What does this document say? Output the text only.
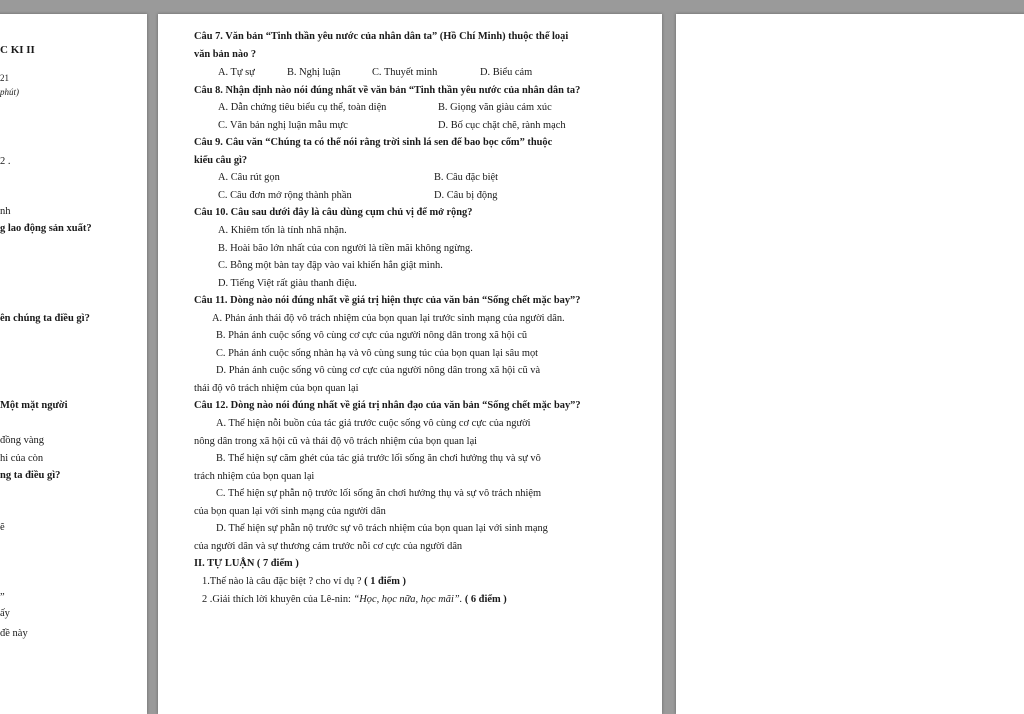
C KI II
21
phút)
2 .
nh
g lao động sản xuất?
ên chúng ta điều gì?
Một mặt người
đồng vàng
hi của còn
ng ta điều gì?
ẽ
”
ấy
đề này
Câu 7. Văn bản “Tinh thần yêu nước của nhân dân ta” (Hồ Chí Minh) thuộc thể loại
văn bản nào ?
A. Tự sự	B. Nghị luận	C. Thuyết minh	D. Biểu cảm
Câu 8. Nhận định nào nói đúng nhất về văn bản “Tinh thần yêu nước của nhân dân ta?
A. Dẫn chứng tiêu biểu cụ thể, toàn diện	B. Giọng văn giàu cảm xúc
C. Văn bản nghị luận mẫu mực	D. Bố cục chặt chẽ, rành mạch
Câu 9. Câu văn “Chúng ta có thể nói rằng trời sinh lá sen để bao bọc cốm” thuộc
kiểu câu gì?
A. Câu rút gọn	B. Câu đặc biệt
C. Câu đơn mở rộng thành phần	D. Câu bị động
Câu 10. Câu sau dưới đây là câu dùng cụm chủ vị để mở rộng?
A. Khiêm tốn là tính nhã nhặn.
B. Hoài bão lớn nhất của con người là tiền mãi không ngừng.
C. Bỗng một bàn tay đập vào vai khiến hắn giật mình.
D. Tiếng Việt rất giàu thanh điệu.
Câu 11. Dòng nào nói đúng nhất về giá trị hiện thực của văn bản “Sống chết mặc bay”?
A. Phản ánh thái độ vô trách nhiệm của bọn quan lại trước sinh mạng của người dân.
B. Phản ánh cuộc sống vô cùng cơ cực của người nông dân trong xã hội cũ
C. Phản ánh cuộc sống nhàn hạ và vô cùng sung túc của bọn quan lại sâu mọt
D. Phản ánh cuộc sống vô cùng cơ cực của người nông dân trong xã hội cũ và
thái độ vô trách nhiệm của bọn quan lại
Câu 12. Dòng nào nói đúng nhất về giá trị nhân đạo của văn bản “Sống chết mặc bay”?
A. Thể hiện nỗi buồn của tác giả trước cuộc sống vô cùng cơ cực của người
nông dân trong xã hội cũ và thái độ vô trách nhiệm của bọn quan lại
B. Thể hiện sự căm ghét của tác giả trước lối sống ăn chơi hưởng thụ và sự vô
trách nhiệm của bọn quan lại
C. Thể hiện sự phẫn nộ trước lối sống ăn chơi hưởng thụ và sự vô trách nhiệm
của bọn quan lại với sinh mạng của người dân
D. Thể hiện sự phẫn nộ trước sự vô trách nhiệm của bọn quan lại với sinh mạng
của người dân và sự thương cảm trước nỗi cơ cực của người dân
II. TỰ LUẬN ( 7 điểm )
1.Thế nào là câu đặc biệt ? cho ví dụ ? ( 1 điểm )
2 .Giải thích lời khuyên của Lê-nin: “Học, học nữa, học mãi”. ( 6 điểm )
